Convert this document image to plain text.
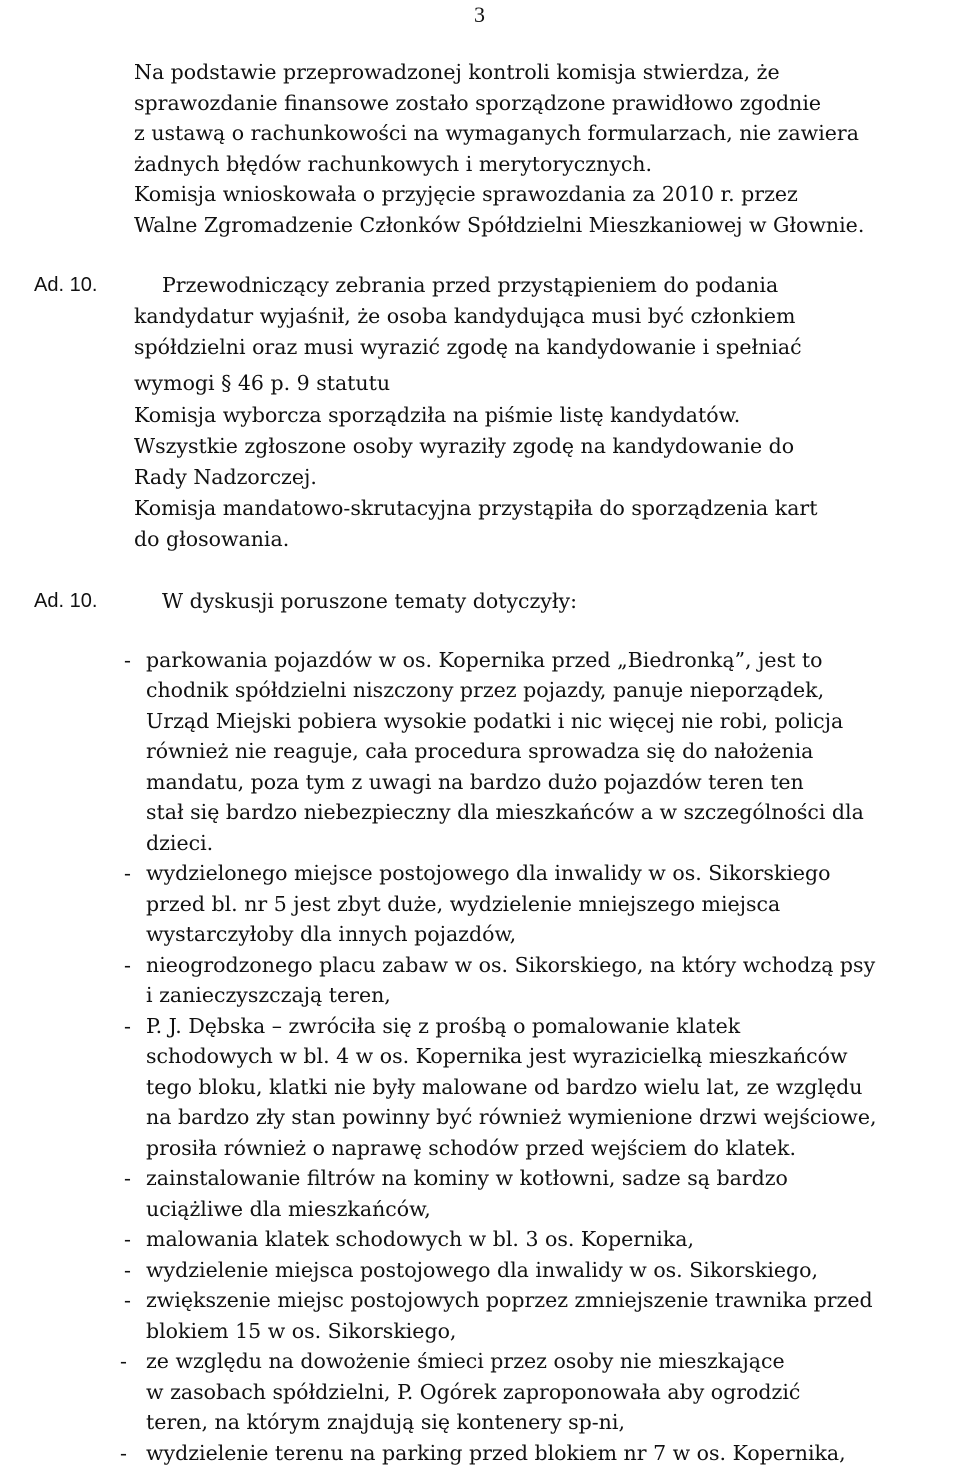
3
Na podstawie przeprowadzonej kontroli komisja stwierdza, że
sprawozdanie finansowe zostało sporządzone prawidłowo zgodnie
z ustawą o rachunkowości na wymaganych formularzach, nie zawiera
żadnych błędów rachunkowych i merytorycznych.
Komisja wnioskowała o przyjęcie sprawozdania za 2010 r. przez
Walne Zgromadzenie Członków Spółdzielni Mieszkaniowej w Głownie.
Ad. 10.	Przewodniczący zebrania przed przystąpieniem do podania
kandydatur wyjaśnił, że osoba kandydująca musi być członkiem
spółdzielni oraz musi wyrazić zgodę na kandydowanie i spełniać
wymogi § 46 p. 9 statutu
Komisja wyborcza sporządziła na piśmie listę kandydatów.
Wszystkie zgłoszone osoby wyraziły zgodę na kandydowanie do
Rady Nadzorczej.
Komisja mandatowo-skrutacyjna przystąpiła do sporządzenia kart
do głosowania.
Ad. 10.	W dyskusji poruszone tematy dotyczyły:
- parkowania pojazdów w os. Kopernika przed „Biedronką”, jest to
chodnik spółdzielni niszczony przez pojazdy, panuje nieporządek,
Urząd Miejski pobiera wysokie podatki i nic więcej nie robi, policja
również nie reaguje, cała procedura sprowadza się do nałożenia
mandatu, poza tym z uwagi na bardzo dużo pojazdów teren ten
stał się bardzo niebezpieczny dla mieszkańców a w szczególności dla
dzieci.
- wydzielonego miejsce postojowego dla inwalidy w os. Sikorskiego
przed bl. nr 5 jest zbyt duże, wydzielenie mniejszego miejsca
wystarczyłoby dla innych pojazdów,
- nieogrodzonego placu zabaw w os. Sikorskiego, na który wchodzą psy
i zanieczyszczają teren,
- P. J. Dębska – zwróciła się z prośbą o pomalowanie klatek
schodowych w bl. 4 w os. Kopernika jest wyrazicielką mieszkańców
tego bloku, klatki nie były malowane od bardzo wielu lat, ze względu
na bardzo zły stan powinny być również wymienione drzwi wejściowe,
prosiła również o naprawę schodów przed wejściem do klatek.
- zainstalowanie filtrów na kominy w kotłowni, sadze są bardzo
uciążliwe dla mieszkańców,
- malowania klatek schodowych w bl. 3 os. Kopernika,
- wydzielenie miejsca postojowego dla inwalidy w os. Sikorskiego,
- zwiększenie miejsc postojowych poprzez zmniejszenie trawnika przed
blokiem 15 w os. Sikorskiego,
- ze względu na dowożenie śmieci przez osoby nie mieszkające
w zasobach spółdzielni, P. Ogórek zaproponowała aby ogrodzić
teren, na którym znajdują się kontenery sp-ni,
- wydzielenie terenu na parking przed blokiem nr 7 w os. Kopernika,
